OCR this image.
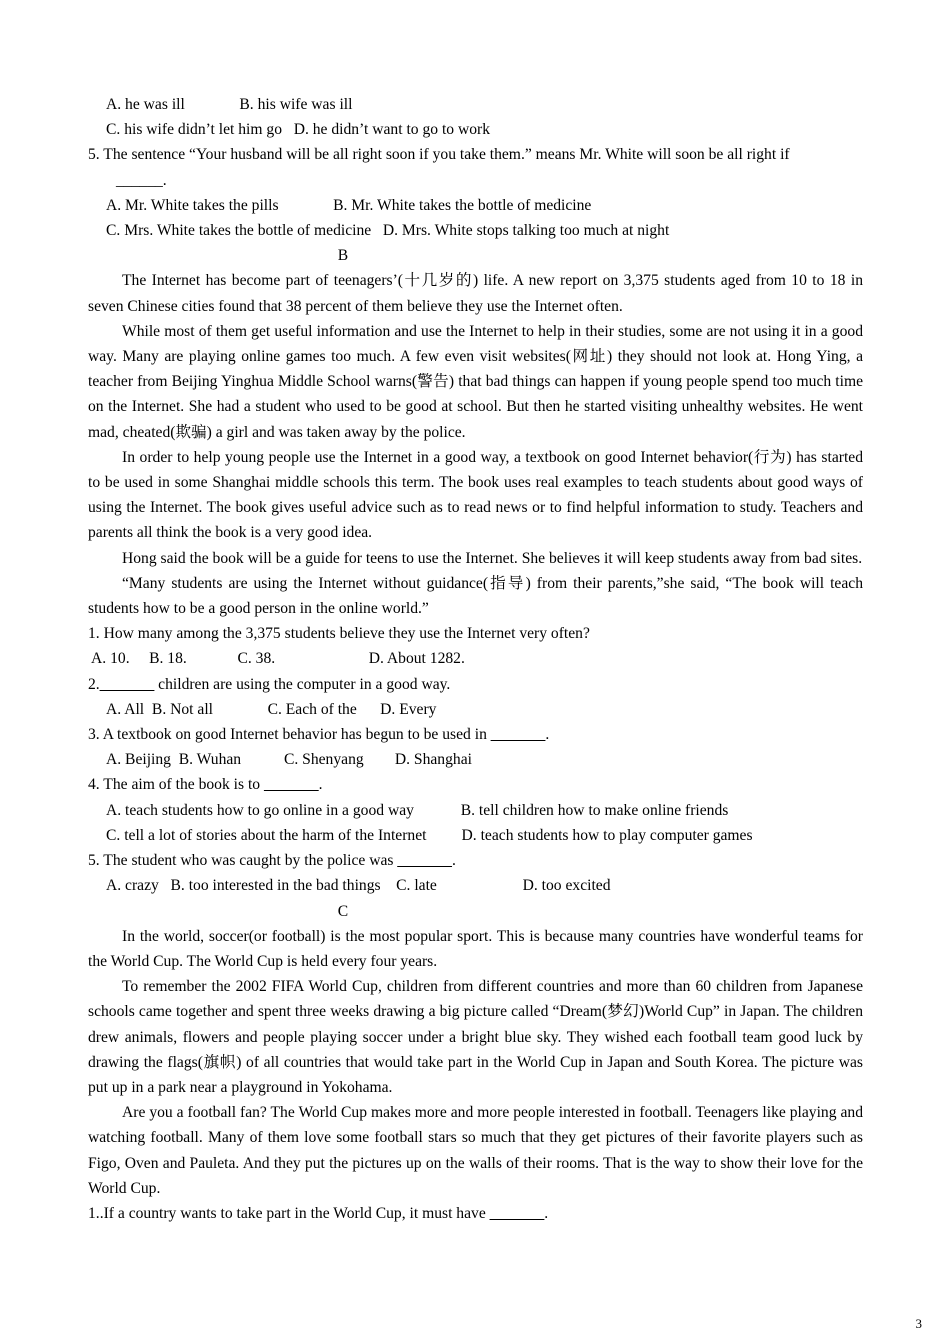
A. he was ill              B. his wife was ill
C. his wife didn’t let him go   D. he didn’t want to go to work
5. The sentence “Your husband will be all right soon if you take them.” means Mr. White will soon be all right if
______.
A. Mr. White takes the pills              B. Mr. White takes the bottle of medicine
C. Mrs. White takes the bottle of medicine   D. Mrs. White stops talking too much at night
B

The Internet has become part of teenagers’(十几岁的) life. A new report on 3,375 students aged from 10 to 18 in seven Chinese cities found that 38 percent of them believe they use the Internet often.

While most of them get useful information and use the Internet to help in their studies, some are not using it in a good way. Many are playing online games too much. A few even visit websites(网址) they should not look at. Hong Ying, a teacher from Beijing Yinghua Middle School warns(警告) that bad things can happen if young people spend too much time on the Internet. She had a student who used to be good at school. But then he started visiting unhealthy websites. He went mad, cheated(欺骗) a girl and was taken away by the police.

In order to help young people use the Internet in a good way, a textbook on good Internet behavior(行为) has started to be used in some Shanghai middle schools this term. The book uses real examples to teach students about good ways of using the Internet. The book gives useful advice such as to read news or to find helpful information to study. Teachers and parents all think the book is a very good idea.

Hong said the book will be a guide for teens to use the Internet. She believes it will keep students away from bad sites.

“Many students are using the Internet without guidance(指导) from their parents,”she said, “The book will teach students how to be a good person in the online world.”

1. How many among the 3,375 students believe they use the Internet very often?
A. 10.     B. 18.             C. 38.                        D. About 1282.
2._______ children are using the computer in a good way.
A. All  B. Not all              C. Each of the      D. Every
3. A textbook on good Internet behavior has begun to be used in _______.
A. Beijing  B. Wuhan           C. Shenyang        D. Shanghai
4. The aim of the book is to _______.
A. teach students how to go online in a good way            B. tell children how to make online friends
C. tell a lot of stories about the harm of the Internet         D. teach students how to play computer games
5. The student who was caught by the police was _______.
A. crazy   B. too interested in the bad things    C. late                      D. too excited
C

In the world, soccer(or football) is the most popular sport. This is because many countries have wonderful teams for the World Cup. The World Cup is held every four years.

To remember the 2002 FIFA World Cup, children from different countries and more than 60 children from Japanese schools came together and spent three weeks drawing a big picture called “Dream(梦幻)World Cup” in Japan. The children drew animals, flowers and people playing soccer under a bright blue sky. They wished each football team good luck by drawing the flags(旗帜) of all countries that would take part in the World Cup in Japan and South Korea. The picture was put up in a park near a playground in Yokohama.

Are you a football fan? The World Cup makes more and more people interested in football. Teenagers like playing and watching football. Many of them love some football stars so much that they get pictures of their favorite players such as Figo, Oven and Pauleta. And they put the pictures up on the walls of their rooms. That is the way to show their love for the World Cup.

1..If a country wants to take part in the World Cup, it must have _______.
3
